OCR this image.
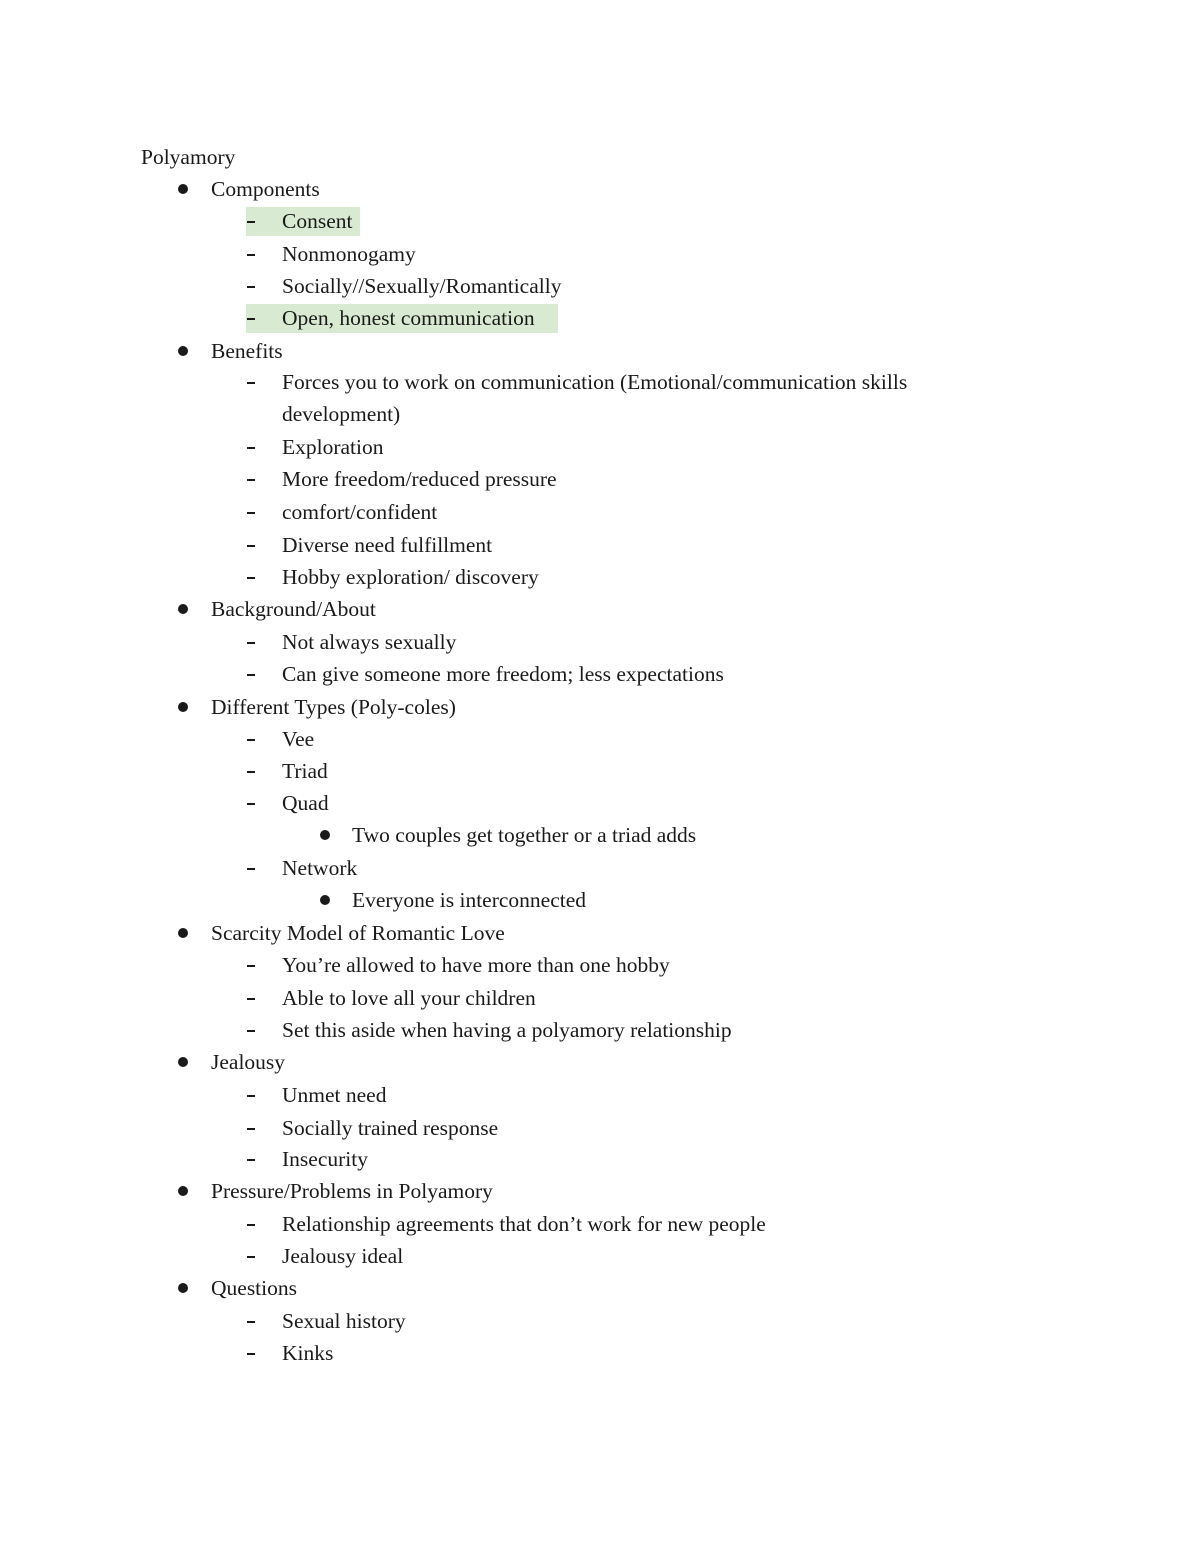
Polyamory
Components
Consent
Nonmonogamy
Socially//Sexually/Romantically
Open, honest communication
Benefits
Forces you to work on communication (Emotional/communication skills
development)
Exploration
More freedom/reduced pressure
comfort/confident
Diverse need fulfillment
Hobby exploration/ discovery
Background/About
Not always sexually
Can give someone more freedom; less expectations
Different Types (Poly-coles)
Vee
Triad
Quad
Two couples get together or a triad adds
Network
Everyone is interconnected
Scarcity Model of Romantic Love
You’re allowed to have more than one hobby
Able to love all your children
Set this aside when having a polyamory relationship
Jealousy
Unmet need
Socially trained response
Insecurity
Pressure/Problems in Polyamory
Relationship agreements that don’t work for new people
Jealousy ideal
Questions
Sexual history
Kinks
